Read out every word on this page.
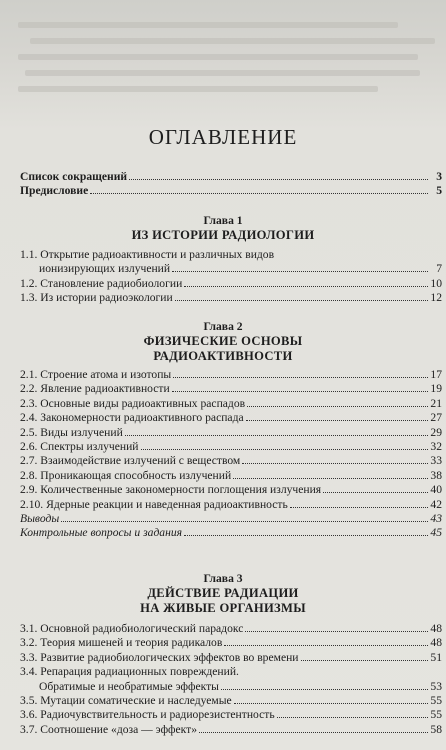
ОГЛАВЛЕНИЕ
Список сокращений	3
Предисловие	5
Глава 1
ИЗ ИСТОРИИ РАДИОЛОГИИ
1.1. Открытие радиоактивности и различных видов
ионизирующих излучений	7
1.2. Становление радиобиологии	10
1.3. Из истории радиоэкологии	12
Глава 2
ФИЗИЧЕСКИЕ ОСНОВЫ
РАДИОАКТИВНОСТИ
2.1. Строение атома и изотопы	17
2.2. Явление радиоактивности	19
2.3. Основные виды радиоактивных распадов	21
2.4. Закономерности радиоактивного распада	27
2.5. Виды излучений	29
2.6. Спектры излучений	32
2.7. Взаимодействие излучений с веществом	33
2.8. Проникающая способность излучений	38
2.9. Количественные закономерности поглощения излучения	40
2.10. Ядерные реакции и наведенная радиоактивность	42
Выводы	43
Контрольные вопросы и задания	45
Глава 3
ДЕЙСТВИЕ РАДИАЦИИ
НА ЖИВЫЕ ОРГАНИЗМЫ
3.1. Основной радиобиологический парадокс	48
3.2. Теория мишеней и теория радикалов	48
3.3. Развитие радиобиологических эффектов во времени	51
3.4. Репарация радиационных повреждений.
Обратимые и необратимые эффекты	53
3.5. Мутации соматические и наследуемые	55
3.6. Радиочувствительность и радиорезистентность	55
3.7. Соотношение «доза — эффект»	58
